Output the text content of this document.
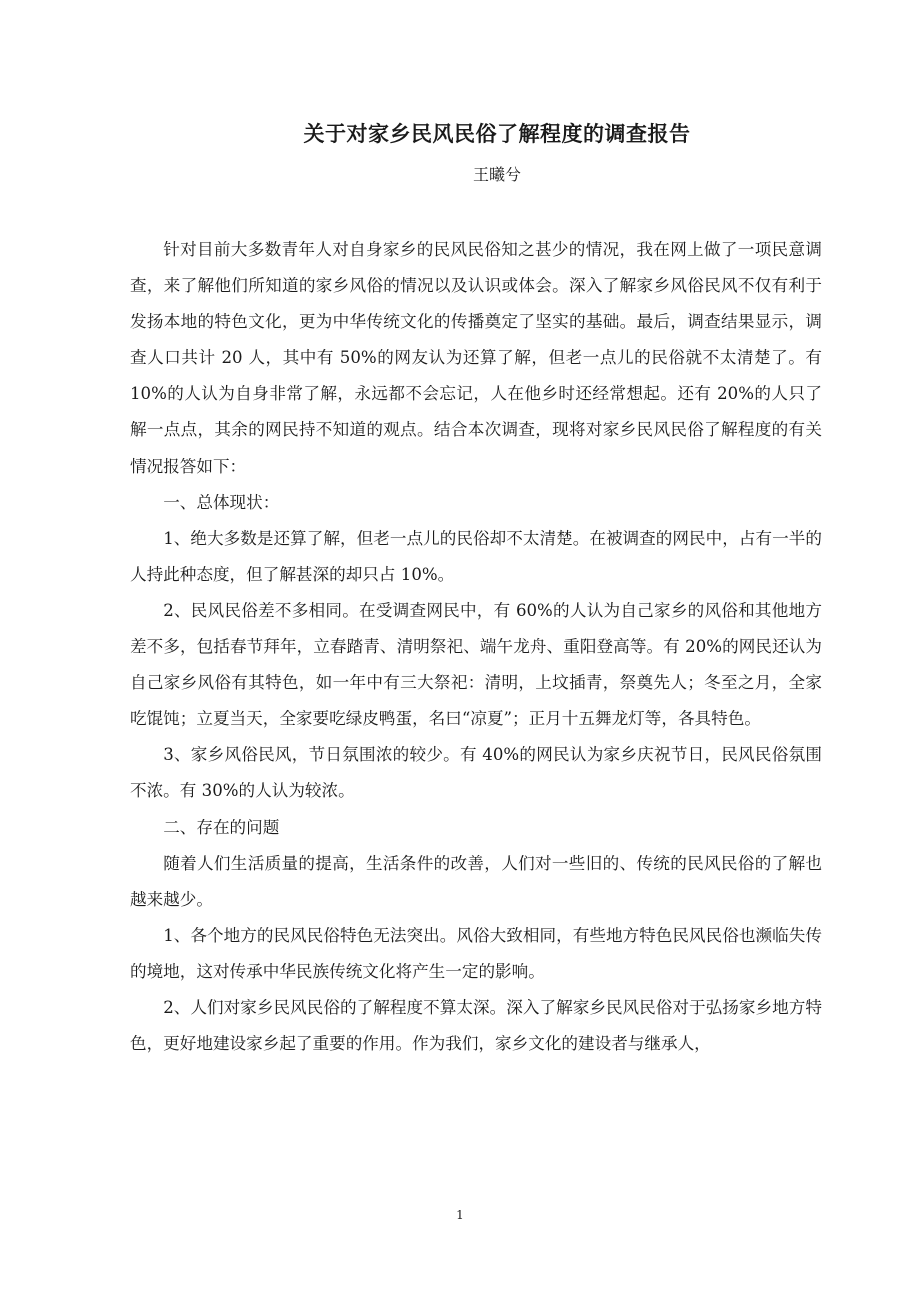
关于对家乡民风民俗了解程度的调查报告
王曦兮

针对目前大多数青年人对自身家乡的民风民俗知之甚少的情况，我在网上做了一项民意调查，来了解他们所知道的家乡风俗的情况以及认识或体会。深入了解家乡风俗民风不仅有利于发扬本地的特色文化，更为中华传统文化的传播奠定了坚实的基础。最后，调查结果显示，调查人口共计 20 人，其中有 50%的网友认为还算了解，但老一点儿的民俗就不太清楚了。有 10%的人认为自身非常了解，永远都不会忘记，人在他乡时还经常想起。还有 20%的人只了解一点点，其余的网民持不知道的观点。结合本次调查，现将对家乡民风民俗了解程度的有关情况报答如下：

一、总体现状：

1、绝大多数是还算了解，但老一点儿的民俗却不太清楚。在被调查的网民中，占有一半的人持此种态度，但了解甚深的却只占 10%。

2、民风民俗差不多相同。在受调查网民中，有 60%的人认为自己家乡的风俗和其他地方差不多，包括春节拜年，立春踏青、清明祭祀、端午龙舟、重阳登高等。有 20%的网民还认为自己家乡风俗有其特色，如一年中有三大祭祀：清明，上坟插青，祭奠先人；冬至之月，全家吃馄饨；立夏当天，全家要吃绿皮鸭蛋，名曰“凉夏”；正月十五舞龙灯等，各具特色。

3、家乡风俗民风，节日氛围浓的较少。有 40%的网民认为家乡庆祝节日，民风民俗氛围不浓。有 30%的人认为较浓。

二、存在的问题

随着人们生活质量的提高，生活条件的改善，人们对一些旧的、传统的民风民俗的了解也越来越少。

1、各个地方的民风民俗特色无法突出。风俗大致相同，有些地方特色民风民俗也濒临失传的境地，这对传承中华民族传统文化将产生一定的影响。

2、人们对家乡民风民俗的了解程度不算太深。深入了解家乡民风民俗对于弘扬家乡地方特色，更好地建设家乡起了重要的作用。作为我们，家乡文化的建设者与继承人，

1
